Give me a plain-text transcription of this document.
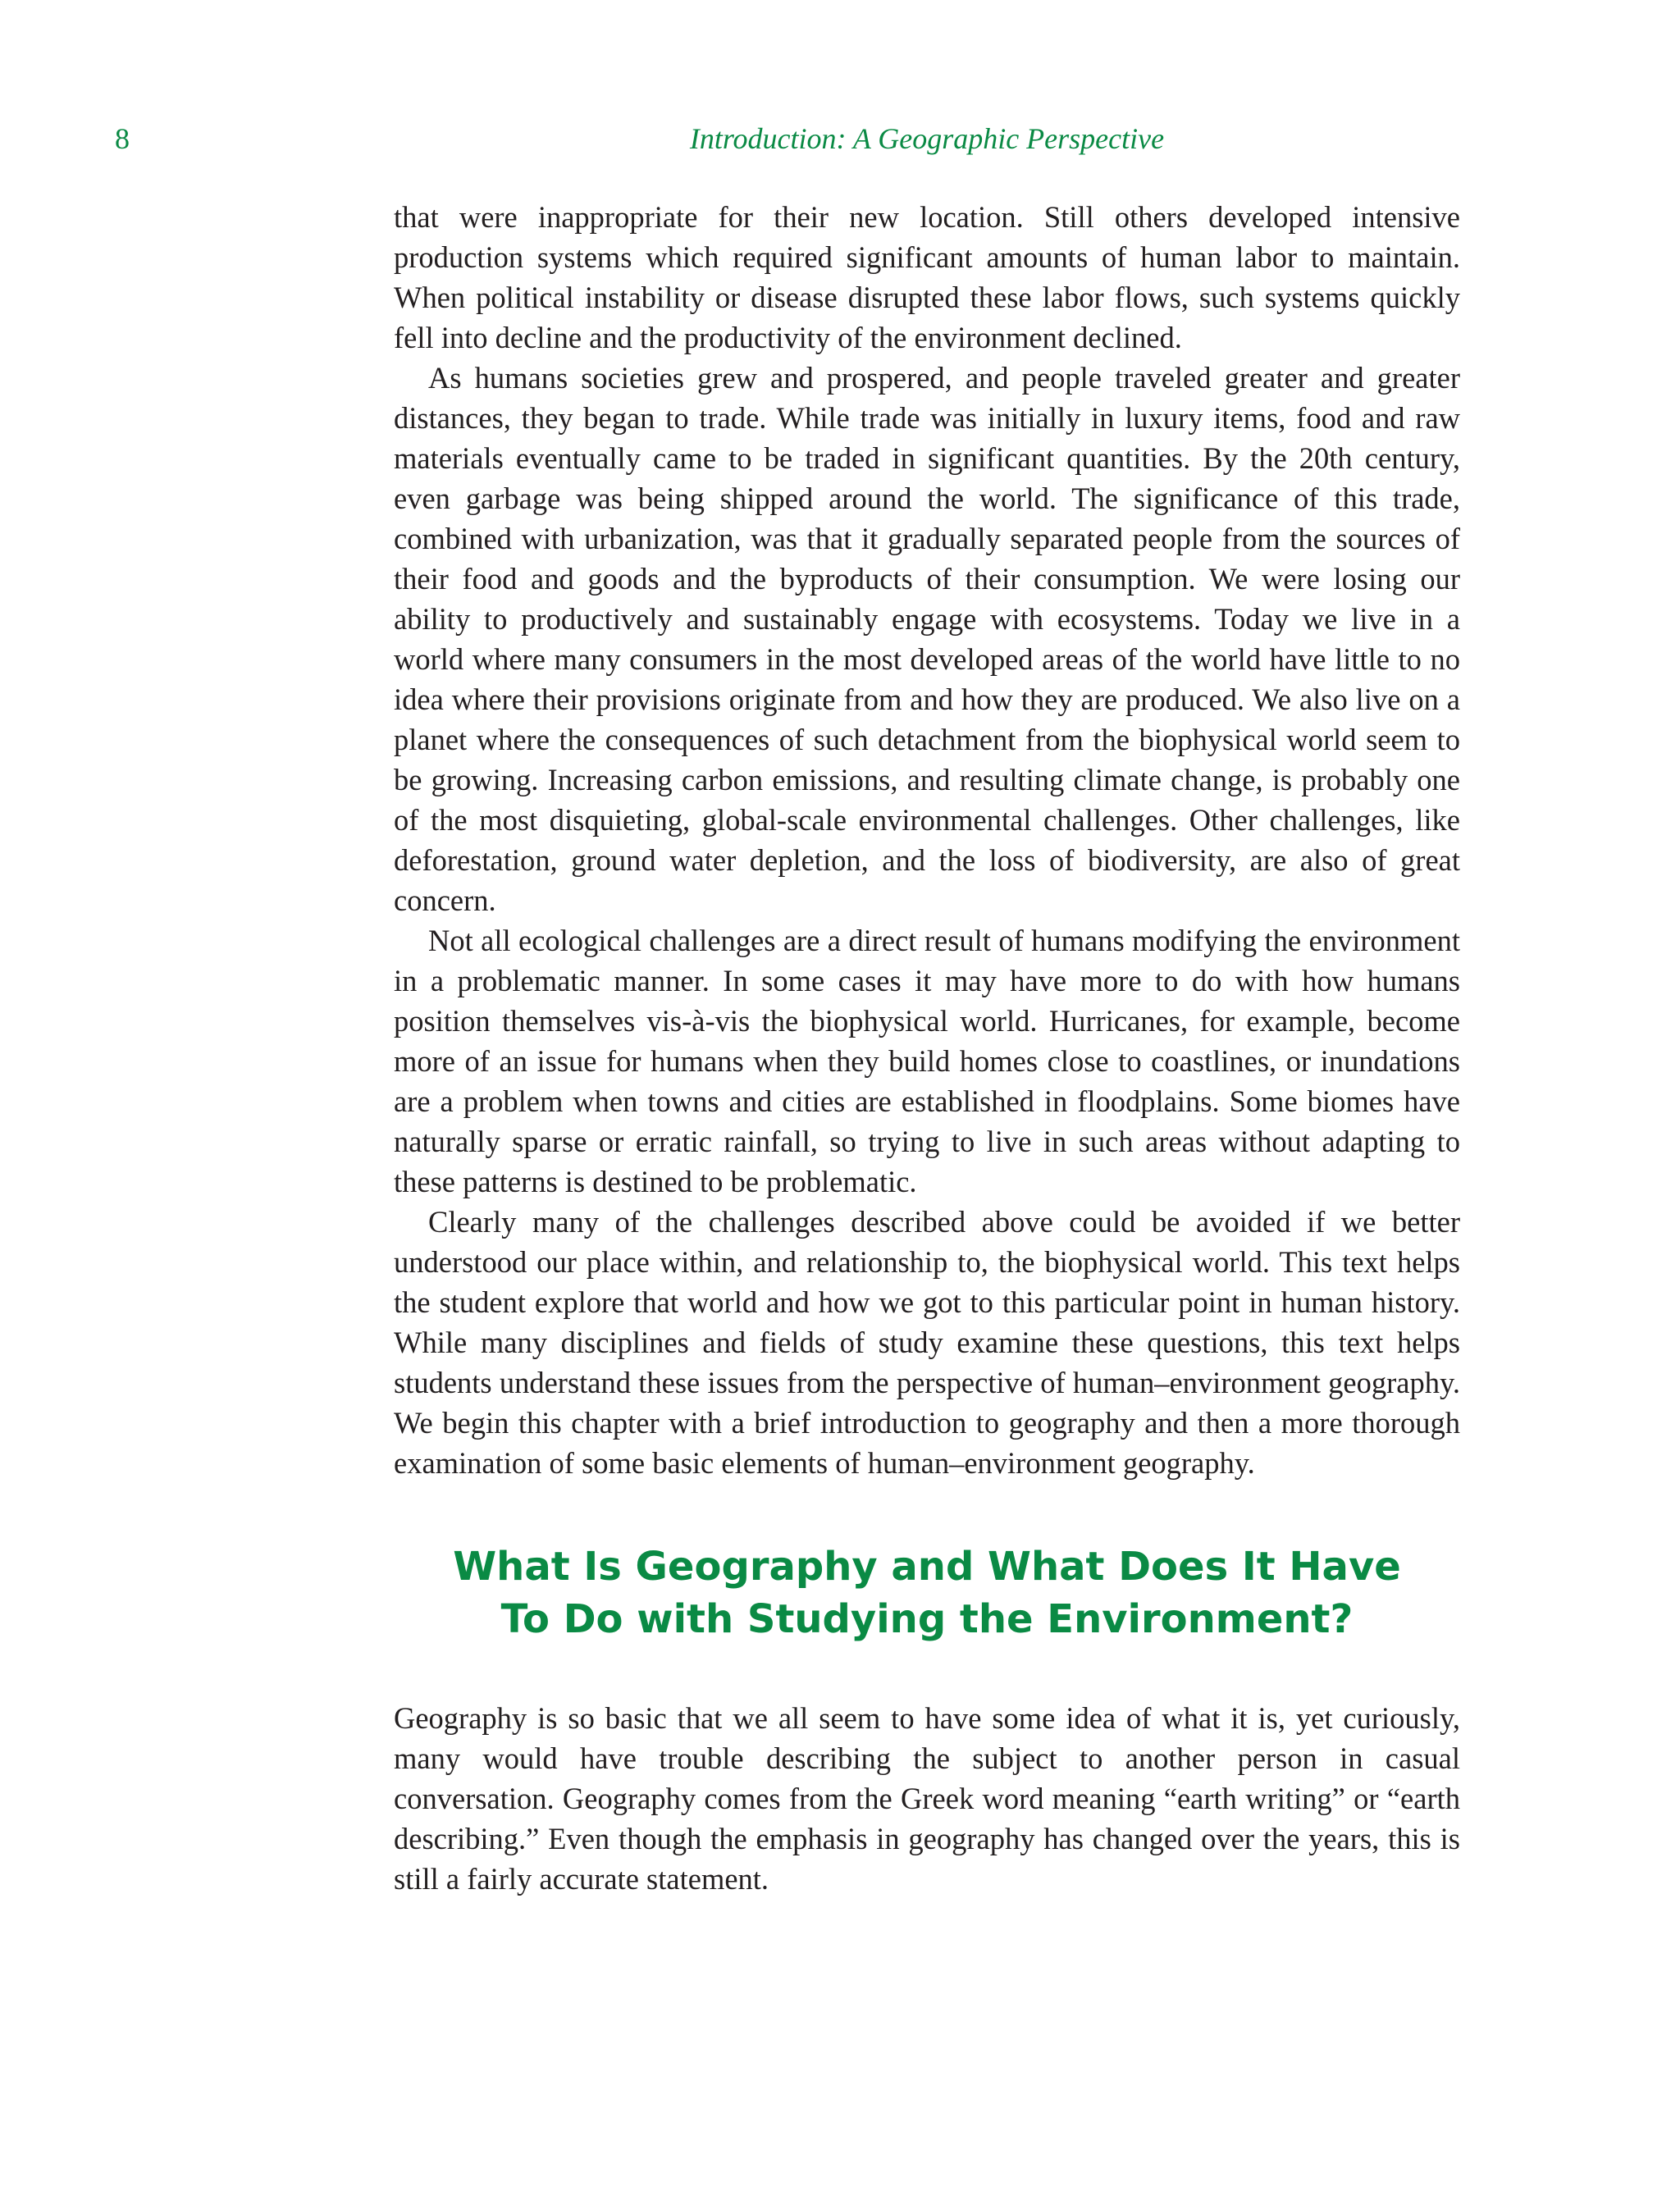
8	Introduction: A Geographic Perspective

that were inappropriate for their new location. Still others developed intensive production systems which required significant amounts of human labor to maintain. When political instability or disease disrupted these labor flows, such systems quickly fell into decline and the productivity of the environment declined.

As humans societies grew and prospered, and people traveled greater and greater distances, they began to trade. While trade was initially in luxury items, food and raw materials eventually came to be traded in significant quantities. By the 20th century, even garbage was being shipped around the world. The significance of this trade, combined with urbanization, was that it gradually separated people from the sources of their food and goods and the byproducts of their consumption. We were losing our ability to productively and sustainably engage with ecosystems. Today we live in a world where many consumers in the most developed areas of the world have little to no idea where their provisions originate from and how they are produced. We also live on a planet where the consequences of such detachment from the biophysical world seem to be growing. Increasing carbon emissions, and resulting climate change, is probably one of the most disquieting, global-scale environmental challenges. Other challenges, like deforestation, ground water depletion, and the loss of biodiversity, are also of great concern.

Not all ecological challenges are a direct result of humans modifying the environment in a problematic manner. In some cases it may have more to do with how humans position themselves vis-à-vis the biophysical world. Hurricanes, for example, become more of an issue for humans when they build homes close to coastlines, or inundations are a problem when towns and cities are established in floodplains. Some biomes have naturally sparse or erratic rainfall, so trying to live in such areas without adapting to these patterns is destined to be problematic.

Clearly many of the challenges described above could be avoided if we better understood our place within, and relationship to, the biophysical world. This text helps the student explore that world and how we got to this particular point in human history. While many disciplines and fields of study examine these questions, this text helps students understand these issues from the perspective of human–environment geography. We begin this chapter with a brief introduction to geography and then a more thorough examination of some basic elements of human–environment geography.

What Is Geography and What Does It Have
To Do with Studying the Environment?

Geography is so basic that we all seem to have some idea of what it is, yet curiously, many would have trouble describing the subject to another person in casual conversation. Geography comes from the Greek word meaning “earth writing” or “earth describing.” Even though the emphasis in geography has changed over the years, this is still a fairly accurate statement.
